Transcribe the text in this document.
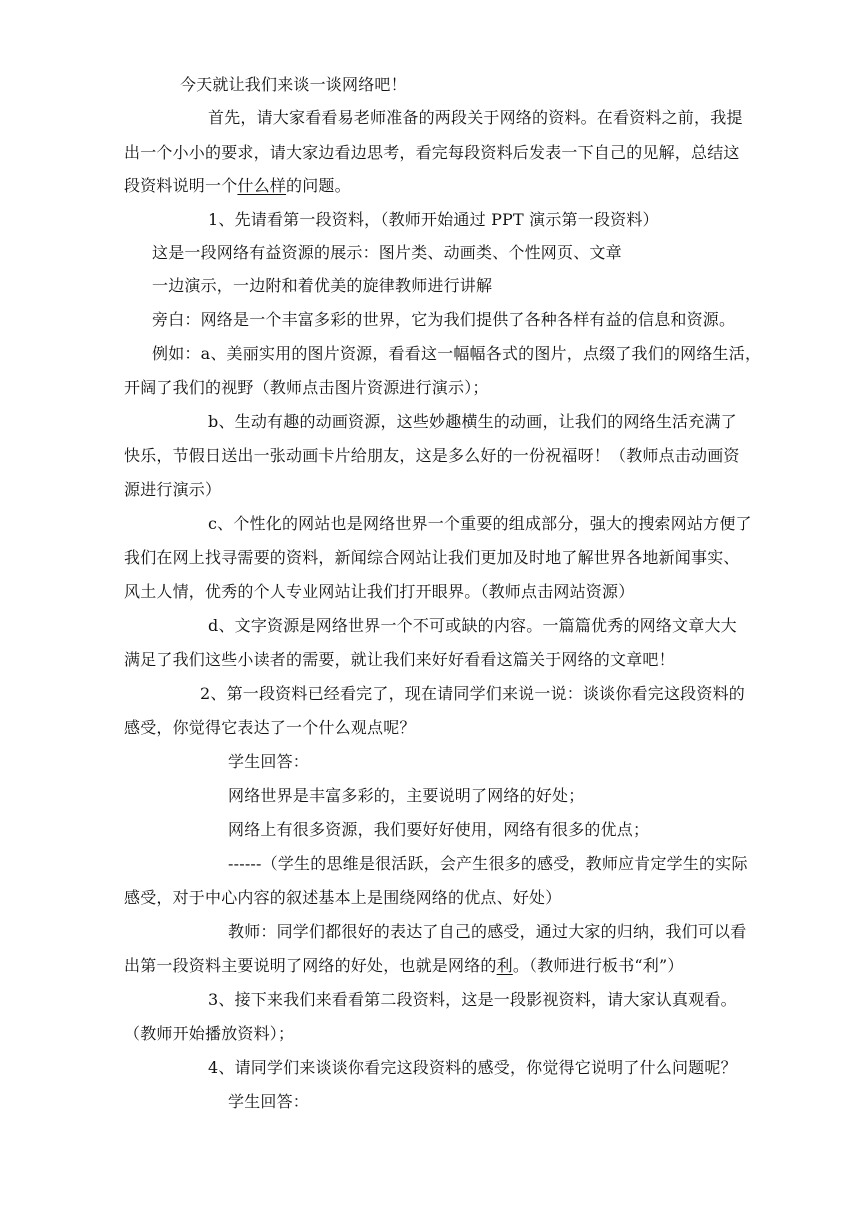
今天就让我们来谈一谈网络吧！
首先，请大家看看易老师准备的两段关于网络的资料。在看资料之前，我提
出一个小小的要求，请大家边看边思考，看完每段资料后发表一下自己的见解，总结这
段资料说明一个什么样的问题。
1、先请看第一段资料，（教师开始通过 PPT 演示第一段资料）
这是一段网络有益资源的展示：图片类、动画类、个性网页、文章
一边演示，一边附和着优美的旋律教师进行讲解
旁白：网络是一个丰富多彩的世界，它为我们提供了各种各样有益的信息和资源。
例如：a、美丽实用的图片资源，看看这一幅幅各式的图片，点缀了我们的网络生活，
开阔了我们的视野（教师点击图片资源进行演示）；
b、生动有趣的动画资源，这些妙趣横生的动画，让我们的网络生活充满了
快乐，节假日送出一张动画卡片给朋友，这是多么好的一份祝福呀！（教师点击动画资
源进行演示）
c、个性化的网站也是网络世界一个重要的组成部分，强大的搜索网站方便了
我们在网上找寻需要的资料，新闻综合网站让我们更加及时地了解世界各地新闻事实、
风土人情，优秀的个人专业网站让我们打开眼界。（教师点击网站资源）
d、文字资源是网络世界一个不可或缺的内容。一篇篇优秀的网络文章大大
满足了我们这些小读者的需要，就让我们来好好看看这篇关于网络的文章吧！
2、第一段资料已经看完了，现在请同学们来说一说：谈谈你看完这段资料的
感受，你觉得它表达了一个什么观点呢？
学生回答：
网络世界是丰富多彩的，主要说明了网络的好处；
网络上有很多资源，我们要好好使用，网络有很多的优点；
------（学生的思维是很活跃，会产生很多的感受，教师应肯定学生的实际
感受，对于中心内容的叙述基本上是围绕网络的优点、好处）
教师：同学们都很好的表达了自己的感受，通过大家的归纳，我们可以看
出第一段资料主要说明了网络的好处，也就是网络的利。（教师进行板书“利”）
3、接下来我们来看看第二段资料，这是一段影视资料，请大家认真观看。
（教师开始播放资料）；
4、请同学们来谈谈你看完这段资料的感受，你觉得它说明了什么问题呢？
学生回答：
